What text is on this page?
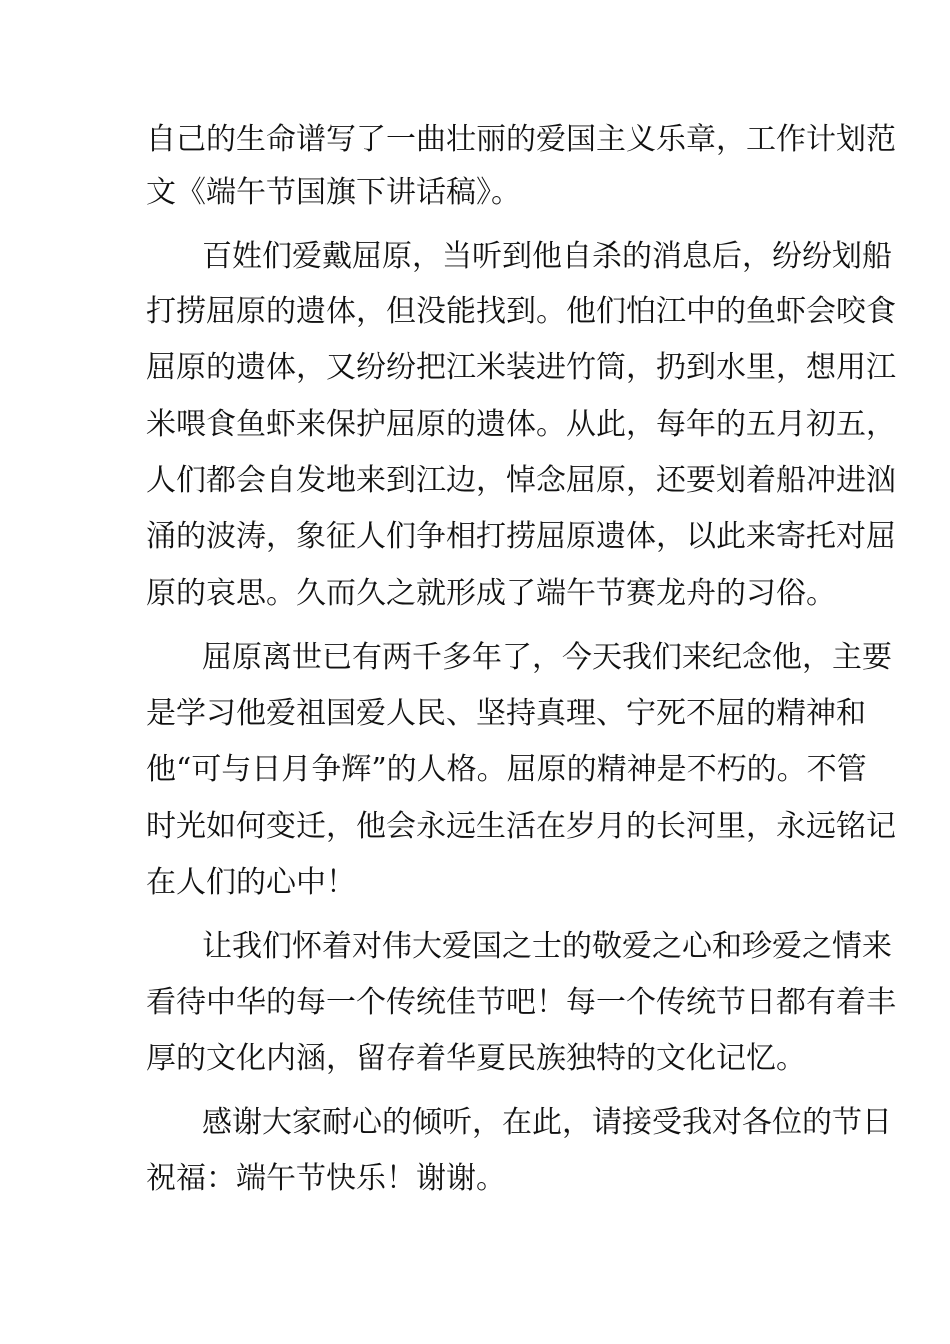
自己的生命谱写了一曲壮丽的爱国主义乐章，工作计划范
文《端午节国旗下讲话稿》。
百姓们爱戴屈原，当听到他自杀的消息后，纷纷划船
打捞屈原的遗体，但没能找到。他们怕江中的鱼虾会咬食
屈原的遗体，又纷纷把江米装进竹筒，扔到水里，想用江
米喂食鱼虾来保护屈原的遗体。从此，每年的五月初五，
人们都会自发地来到江边，悼念屈原，还要划着船冲进汹
涌的波涛，象征人们争相打捞屈原遗体，以此来寄托对屈
原的哀思。久而久之就形成了端午节赛龙舟的习俗。
屈原离世已有两千多年了，今天我们来纪念他，主要
是学习他爱祖国爱人民、坚持真理、宁死不屈的精神和
他“可与日月争辉”的人格。屈原的精神是不朽的。不管
时光如何变迁，他会永远生活在岁月的长河里，永远铭记
在人们的心中！
让我们怀着对伟大爱国之士的敬爱之心和珍爱之情来
看待中华的每一个传统佳节吧！每一个传统节日都有着丰
厚的文化内涵，留存着华夏民族独特的文化记忆。
感谢大家耐心的倾听，在此，请接受我对各位的节日
祝福：端午节快乐！谢谢。
